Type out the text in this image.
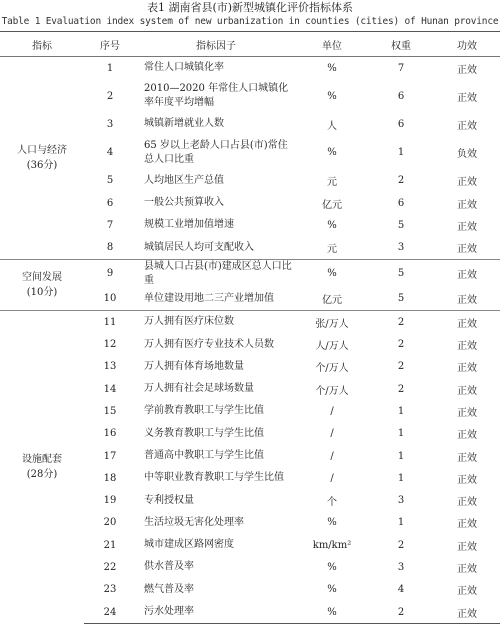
表1 湖南省县(市)新型城镇化评价指标体系
Table 1 Evaluation index system of new urbanization in counties (cities) of Hunan province
指标	序号	指标因子	单位	权重	功效

人口与经济
(36分)	1	常住人口城镇化率	%	7	正效
	2	2010—2020 年常住人口城镇化率年度平均增幅	%	6	正效
	3	城镇新增就业人数	人	6	正效
	4	65 岁以上老龄人口占县(市)常住总人口比重	%	1	负效
	5	人均地区生产总值	元	2	正效
	6	一般公共预算收入	亿元	6	正效
	7	规模工业增加值增速	%	5	正效
	8	城镇居民人均可支配收入	元	3	正效

空间发展
(10分)	9	县城人口占县(市)建成区总人口比重	%	5	正效
	10	单位建设用地二三产业增加值	亿元	5	正效

设施配套
(28分)	11	万人拥有医疗床位数	张/万人	2	正效
	12	万人拥有医疗专业技术人员数	人/万人	2	正效
	13	万人拥有体育场地数量	个/万人	2	正效
	14	万人拥有社会足球场数量	个/万人	2	正效
	15	学前教育教职工与学生比值	/	1	正效
	16	义务教育教职工与学生比值	/	1	正效
	17	普通高中教职工与学生比值	/	1	正效
	18	中等职业教育教职工与学生比值	/	1	正效
	19	专利授权量	个	3	正效
	20	生活垃圾无害化处理率	%	1	正效
	21	城市建成区路网密度	km/km²	2	正效
	22	供水普及率	%	3	正效
	23	燃气普及率	%	4	正效
	24	污水处理率	%	2	正效
